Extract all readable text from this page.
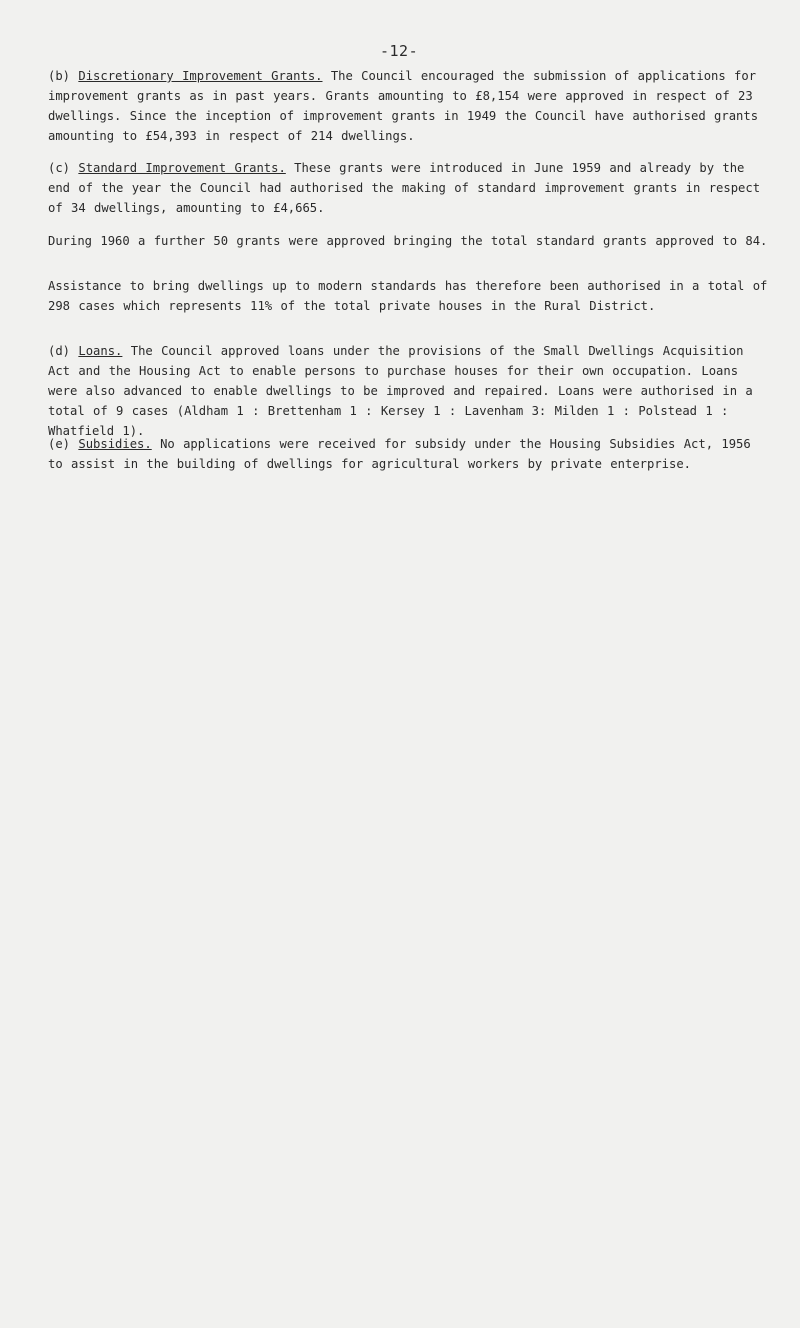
-12-

(b) Discretionary Improvement Grants. The Council encouraged the submission of applications for improvement grants as in past years. Grants amounting to £8,154 were approved in respect of 23 dwellings. Since the inception of improvement grants in 1949 the Council have authorised grants amounting to £54,393 in respect of 214 dwellings.

(c) Standard Improvement Grants. These grants were introduced in June 1959 and already by the end of the year the Council had authorised the making of standard improvement grants in respect of 34 dwellings, amounting to £4,665.

During 1960 a further 50 grants were approved bringing the total standard grants approved to 84.

Assistance to bring dwellings up to modern standards has therefore been authorised in a total of 298 cases which represents 11% of the total private houses in the Rural District.

(d) Loans. The Council approved loans under the provisions of the Small Dwellings Acquisition Act and the Housing Act to enable persons to purchase houses for their own occupation. Loans were also advanced to enable dwellings to be improved and repaired. Loans were authorised in a total of 9 cases (Aldham 1 : Brettenham 1 : Kersey 1 : Lavenham 3: Milden 1 : Polstead 1 : Whatfield 1).

(e) Subsidies. No applications were received for subsidy under the Housing Subsidies Act, 1956 to assist in the building of dwellings for agricultural workers by private enterprise.
